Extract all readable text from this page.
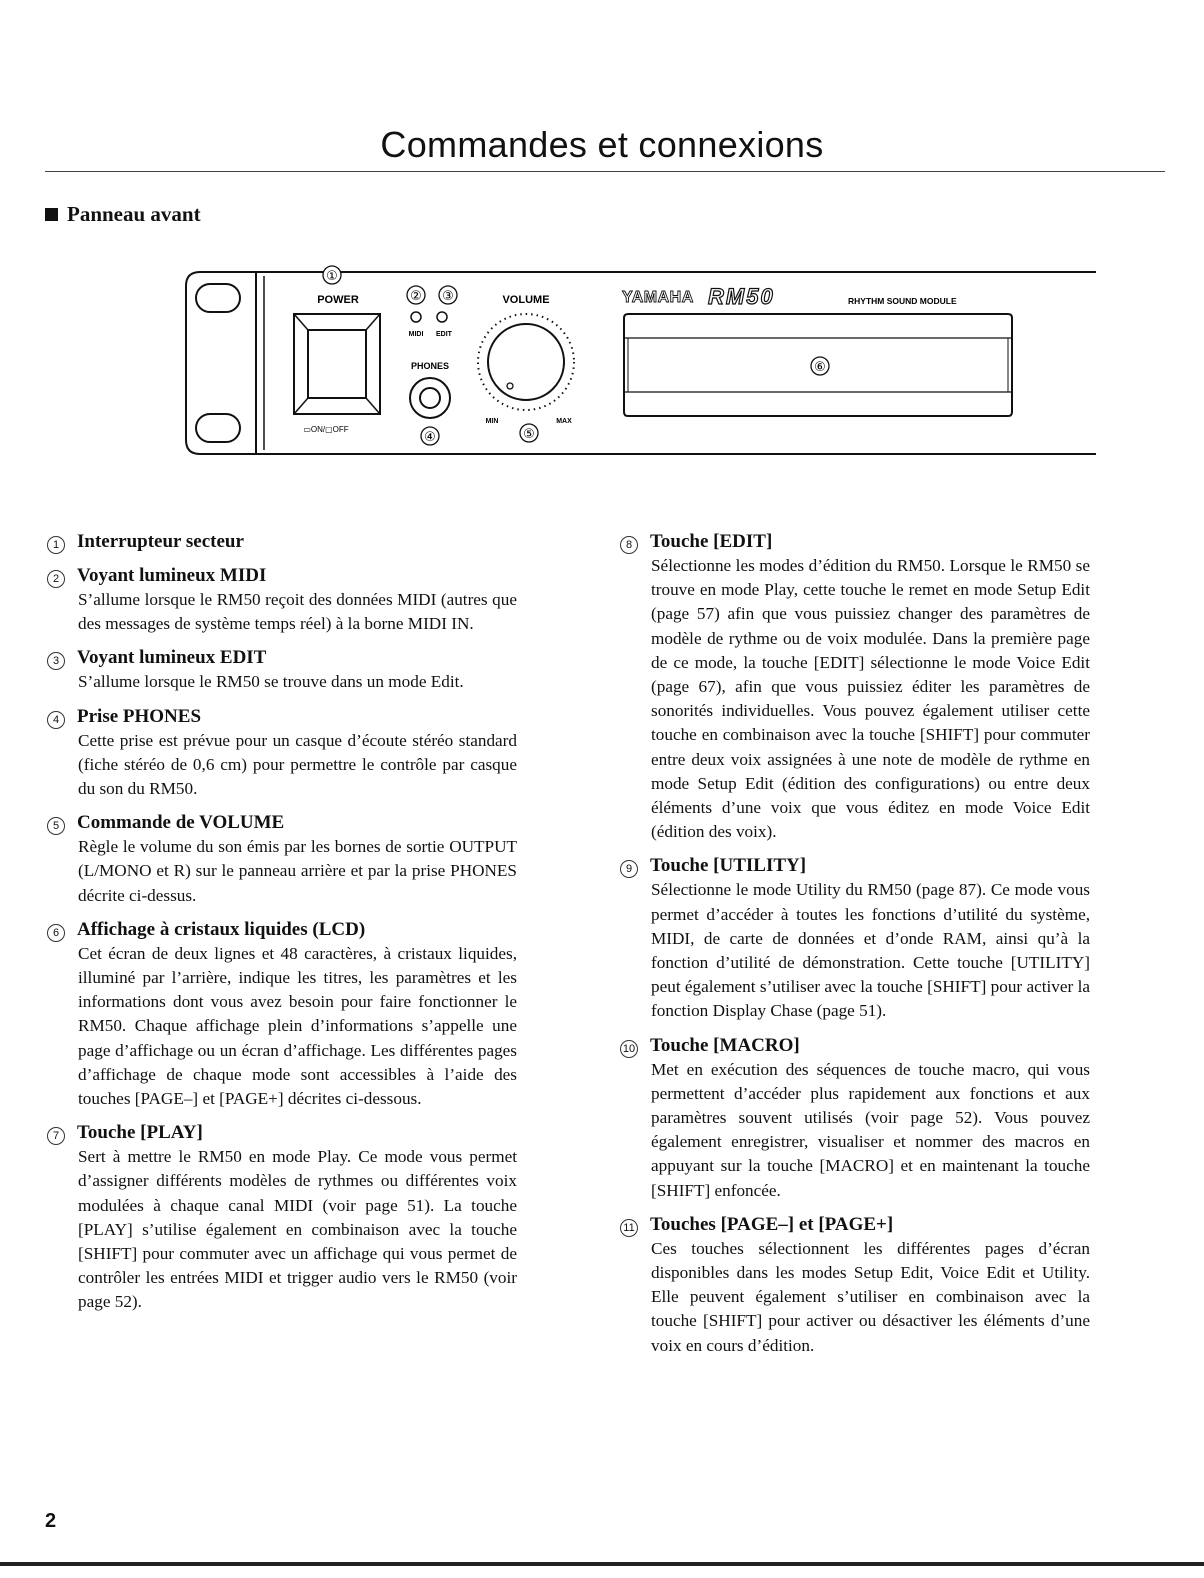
Commandes et connexions
Panneau avant
①
POWER
▭ON/▢OFF
② ③
MIDI EDIT
PHONES
④
VOLUME
MIN	MAX
⑤
YAMAHA RM50	RHYTHM SOUND MODULE
⑥
1 Interrupteur secteur
2 Voyant lumineux MIDI
S’allume lorsque le RM50 reçoit des données MIDI (autres que des messages de système temps réel) à la borne MIDI IN.
3 Voyant lumineux EDIT
S’allume lorsque le RM50 se trouve dans un mode Edit.
4 Prise PHONES
Cette prise est prévue pour un casque d’écoute stéréo standard (fiche stéréo de 0,6 cm) pour permettre le contrôle par casque du son du RM50.
5 Commande de VOLUME
Règle le volume du son émis par les bornes de sortie OUTPUT (L/MONO et R) sur le panneau arrière et par la prise PHONES décrite ci-dessus.
6 Affichage à cristaux liquides (LCD)
Cet écran de deux lignes et 48 caractères, à cristaux liquides, illuminé par l’arrière, indique les titres, les paramètres et les informations dont vous avez besoin pour faire fonctionner le RM50. Chaque affichage plein d’informations s’appelle une page d’affichage ou un écran d’affichage. Les différentes pages d’affichage de chaque mode sont accessibles à l’aide des touches [PAGE–] et [PAGE+] décrites ci-dessous.
7 Touche [PLAY]
Sert à mettre le RM50 en mode Play. Ce mode vous permet d’assigner différents modèles de rythmes ou différentes voix modulées à chaque canal MIDI (voir page 51). La touche [PLAY] s’utilise également en combinaison avec la touche [SHIFT] pour commuter avec un affichage qui vous permet de contrôler les entrées MIDI et trigger audio vers le RM50 (voir page 52).
8 Touche [EDIT]
Sélectionne les modes d’édition du RM50. Lorsque le RM50 se trouve en mode Play, cette touche le remet en mode Setup Edit (page 57) afin que vous puissiez changer des paramètres de modèle de rythme ou de voix modulée. Dans la première page de ce mode, la touche [EDIT] sélectionne le mode Voice Edit (page 67), afin que vous puissiez éditer les paramètres de sonorités individuelles. Vous pouvez également utiliser cette touche en combinaison avec la touche [SHIFT] pour commuter entre deux voix assignées à une note de modèle de rythme en mode Setup Edit (édition des configurations) ou entre deux éléments d’une voix que vous éditez en mode Voice Edit (édition des voix).
9 Touche [UTILITY]
Sélectionne le mode Utility du RM50 (page 87). Ce mode vous permet d’accéder à toutes les fonctions d’utilité du système, MIDI, de carte de données et d’onde RAM, ainsi qu’à la fonction d’utilité de démonstration. Cette touche [UTILITY] peut également s’utiliser avec la touche [SHIFT] pour activer la fonction Display Chase (page 51).
10 Touche [MACRO]
Met en exécution des séquences de touche macro, qui vous permettent d’accéder plus rapidement aux fonctions et aux paramètres souvent utilisés (voir page 52). Vous pouvez également enregistrer, visualiser et nommer des macros en appuyant sur la touche [MACRO] et en maintenant la touche [SHIFT] enfoncée.
11 Touches [PAGE–] et [PAGE+]
Ces touches sélectionnent les différentes pages d’écran disponibles dans les modes Setup Edit, Voice Edit et Utility. Elle peuvent également s’utiliser en combinaison avec la touche [SHIFT] pour activer ou désactiver les éléments d’une voix en cours d’édition.
2
